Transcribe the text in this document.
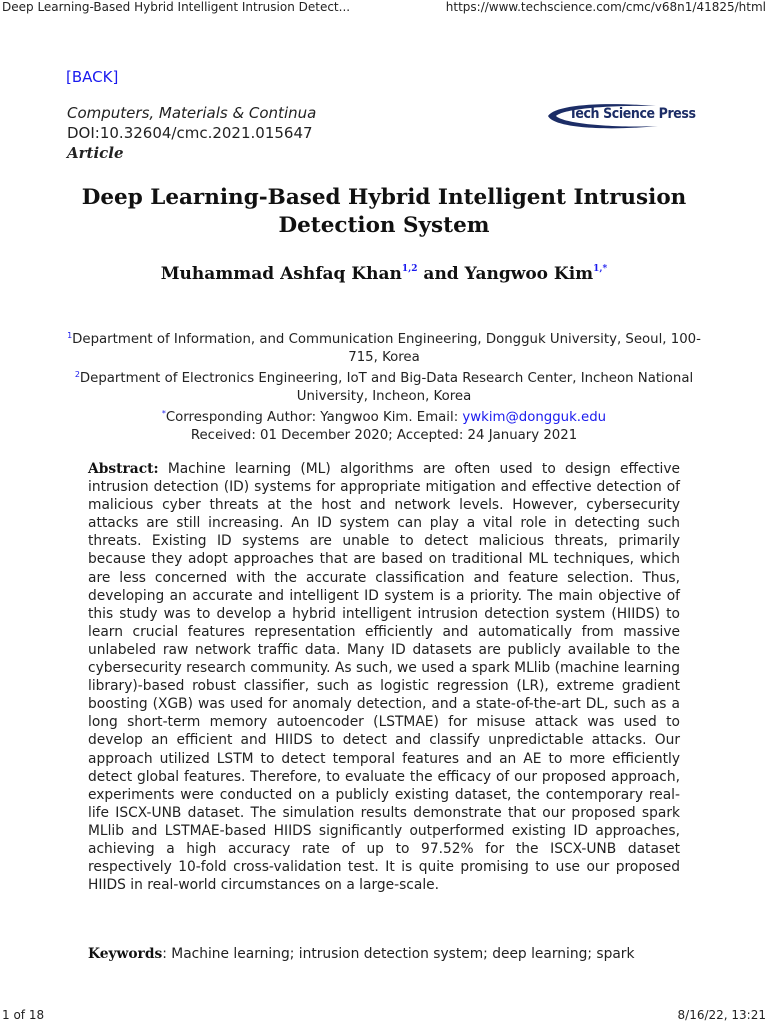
Deep Learning-Based Hybrid Intelligent Intrusion Detect...	https://www.techscience.com/cmc/v68n1/41825/html
[BACK]
Computers, Materials & Continua
DOI:10.32604/cmc.2021.015647
Article
Tech Science Press
Deep Learning-Based Hybrid Intelligent Intrusion Detection System
Muhammad Ashfaq Khan$^{1,2}$ and Yangwoo Kim$^{1,*}$

$^1$Department of Information, and Communication Engineering, Dongguk University, Seoul, 100-715, Korea

$^2$Department of Electronics Engineering, IoT and Big-Data Research Center, Incheon National University, Incheon, Korea

*Corresponding Author: Yangwoo Kim. Email: ywkim@dongguk.edu

Received: 01 December 2020; Accepted: 24 January 2021

Abstract: Machine learning (ML) algorithms are often used to design effective intrusion detection (ID) systems for appropriate mitigation and effective detection of malicious cyber threats at the host and network levels. However, cybersecurity attacks are still increasing. An ID system can play a vital role in detecting such threats. Existing ID systems are unable to detect malicious threats, primarily because they adopt approaches that are based on traditional ML techniques, which are less concerned with the accurate classification and feature selection. Thus, developing an accurate and intelligent ID system is a priority. The main objective of this study was to develop a hybrid intelligent intrusion detection system (HIIDS) to learn crucial features representation efficiently and automatically from massive unlabeled raw network traffic data. Many ID datasets are publicly available to the cybersecurity research community. As such, we used a spark MLlib (machine learning library)-based robust classifier, such as logistic regression (LR), extreme gradient boosting (XGB) was used for anomaly detection, and a state-of-the-art DL, such as a long short-term memory autoencoder (LSTMAE) for misuse attack was used to develop an efficient and HIIDS to detect and classify unpredictable attacks. Our approach utilized LSTM to detect temporal features and an AE to more efficiently detect global features. Therefore, to evaluate the efficacy of our proposed approach, experiments were conducted on a publicly existing dataset, the contemporary real-life ISCX-UNB dataset. The simulation results demonstrate that our proposed spark MLlib and LSTMAE-based HIIDS significantly outperformed existing ID approaches, achieving a high accuracy rate of up to 97.52% for the ISCX-UNB dataset respectively 10-fold cross-validation test. It is quite promising to use our proposed HIIDS in real-world circumstances on a large-scale.

Keywords: Machine learning; intrusion detection system; deep learning; spark
1 of 18	8/16/22, 13:21
